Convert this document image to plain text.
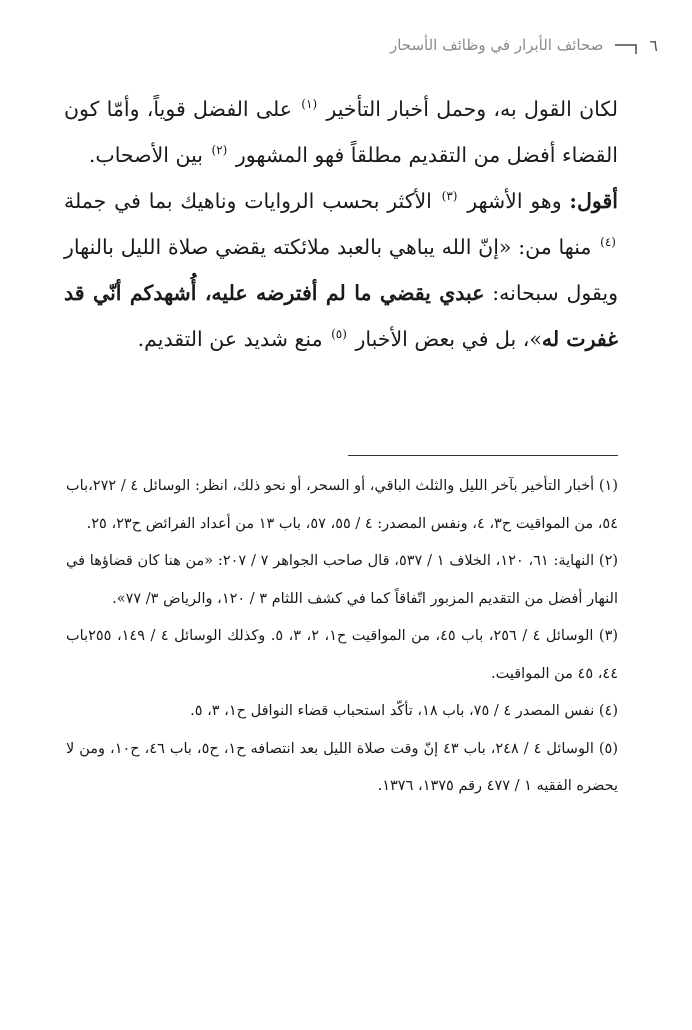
٦
صحائف الأبرار في وظائف الأسحار

لكان القول به، وحمل أخبار التأخير $^{(١)}$ على الفضل قوياً، وأمّا كون القضاء أفضل من التقديم مطلقاً فهو المشهور $^{(٢)}$ بين الأصحاب.

أقول: وهو الأشهر $^{(٣)}$ الأكثر بحسب الروايات وناهيك بما في جملة $^{(٤)}$ منها من: «إنّ الله يباهي بالعبد ملائكته يقضي صلاة الليل بالنهار ويقول سبحانه: عبدي يقضي ما لم أفترضه عليه، أُشهدكم أنّي قد غفرت له»، بل في بعض الأخبار $^{(٥)}$ منع شديد عن التقديم.

(١) أخبار التأخير بآخر الليل والثلث الباقي، أو السحر، أو نحو ذلك، انظر: الوسائل ٤ / ٢٧٢،باب ٥٤، من المواقيت ح٣، ٤، ونفس المصدر: ٤ / ٥٥، ٥٧، باب ١٣ من أعداد الفرائض ح٢٣، ٢٥.
(٢) النهاية: ٦١، ١٢٠، الخلاف ١ / ٥٣٧، قال صاحب الجواهر ٧ / ٢٠٧: «من هنا كان قضاؤها في النهار أفضل من التقديم المزبور اتّفاقاً كما في كشف اللثام ٣ / ١٢٠، والرياض ٣/ ٧٧».
(٣) الوسائل ٤ / ٢٥٦، باب ٤٥، من المواقيت ح١، ٢، ٣، ٥. وكذلك الوسائل ٤ / ١٤٩، ٢٥٥باب ٤٤، ٤٥ من المواقيت.
(٤) نفس المصدر ٤ / ٧٥، باب ١٨، تأكّد استحباب قضاء النوافل ح١، ٣، ٥.
(٥) الوسائل ٤ / ٢٤٨، باب ٤٣ إنّ وقت صلاة الليل بعد انتصافه ح١، ح٥، باب ٤٦، ح١٠، ومن لا يحضره الفقيه ١ / ٤٧٧ رقم ١٣٧٥، ١٣٧٦.
